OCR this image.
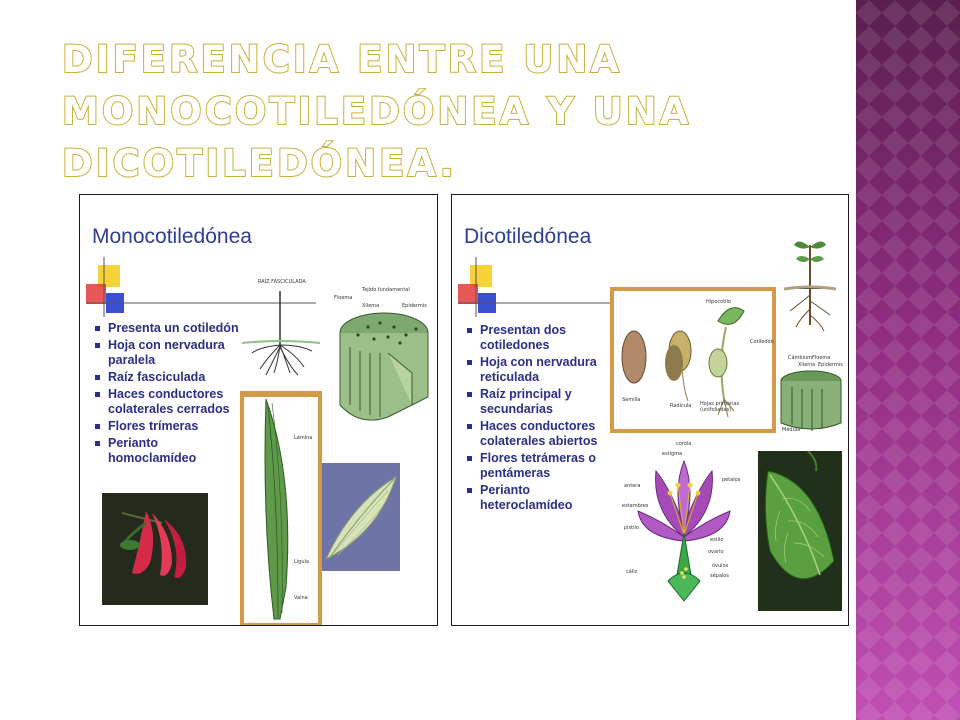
DIFERENCIA ENTRE UNA MONOCOTILEDÓNEA Y UNA DICOTILEDÓNEA.
Monocotiledónea
Presenta un cotiledón
Hoja con nervadura paralela
Raíz fasciculada
Haces conductores colaterales cerrados
Flores trímeras
Perianto homoclamídeo
RAÍZ FASCICULADA
Tejido fundamental
Floema
Xilema	Epidermis
Lámina
Lígula
Vaina
Dicotiledónea
Presentan dos cotiledones
Hoja con nervadura reticulada
Raíz principal y secundarias
Haces conductores colaterales abiertos
Flores tetrámeras o pentámeras
Perianto heteroclamídeo
Hipocotilo
Cotiledón
Semilla
Radícula Hojas primarias (unifoliadas)
Cámbium Floema
Xilema Epidermis
Médula
corola
estigma
antera
estambres
pistilo
pétalos
estilo
ovario
óvulos
sépalos
cáliz
